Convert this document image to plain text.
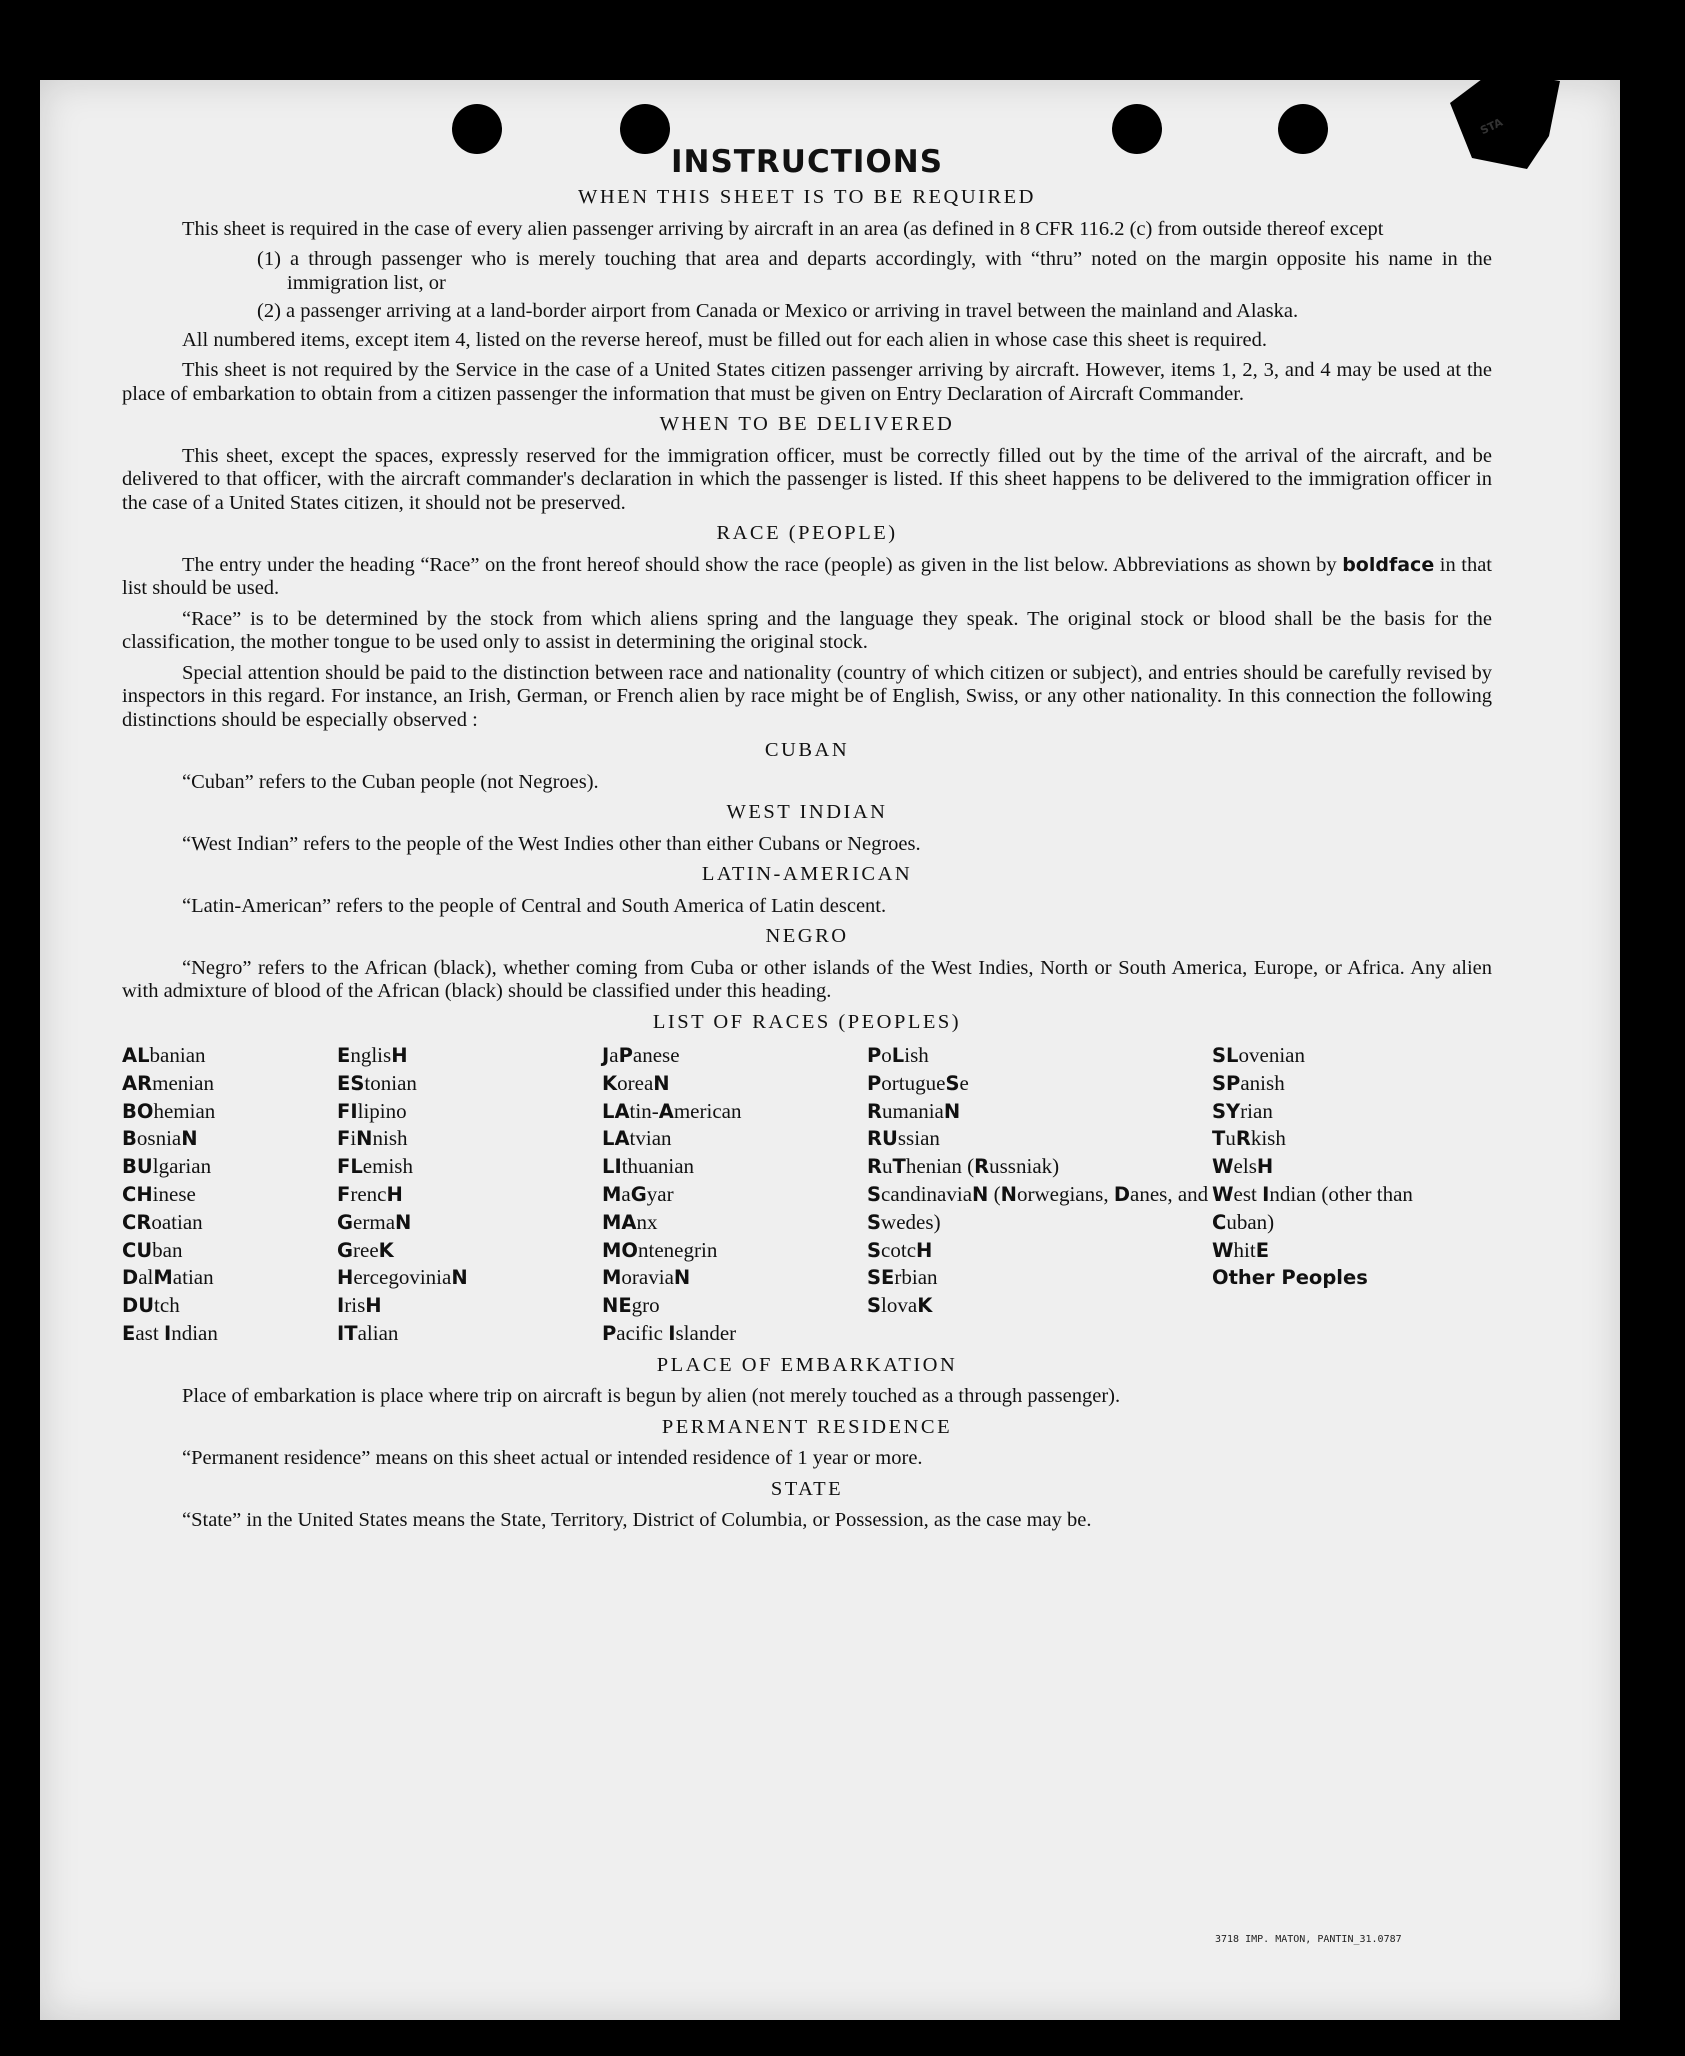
STA
INSTRUCTIONS
WHEN THIS SHEET IS TO BE REQUIRED

This sheet is required in the case of every alien passenger arriving by aircraft in an area (as defined in 8 CFR 116.2 (c) from outside thereof except

(1) a through passenger who is merely touching that area and departs accordingly, with “thru” noted on the margin opposite his name in the immigration list, or

(2) a passenger arriving at a land-border airport from Canada or Mexico or arriving in travel between the mainland and Alaska.

All numbered items, except item 4, listed on the reverse hereof, must be filled out for each alien in whose case this sheet is required.

This sheet is not required by the Service in the case of a United States citizen passenger arriving by aircraft. However, items 1, 2, 3, and 4 may be used at the place of embarkation to obtain from a citizen passenger the information that must be given on Entry Declaration of Aircraft Commander.

WHEN TO BE DELIVERED

This sheet, except the spaces, expressly reserved for the immigration officer, must be correctly filled out by the time of the arrival of the aircraft, and be delivered to that officer, with the aircraft commander's declaration in which the passenger is listed. If this sheet happens to be delivered to the immigration officer in the case of a United States citizen, it should not be preserved.

RACE (PEOPLE)

The entry under the heading “Race” on the front hereof should show the race (people) as given in the list below. Abbreviations as shown by boldface in that list should be used.

“Race” is to be determined by the stock from which aliens spring and the language they speak. The original stock or blood shall be the basis for the classification, the mother tongue to be used only to assist in determining the original stock.

Special attention should be paid to the distinction between race and nationality (country of which citizen or subject), and entries should be carefully revised by inspectors in this regard. For instance, an Irish, German, or French alien by race might be of English, Swiss, or any other nationality. In this connection the following distinctions should be especially observed :

CUBAN

“Cuban” refers to the Cuban people (not Negroes).

WEST INDIAN

“West Indian” refers to the people of the West Indies other than either Cubans or Negroes.

LATIN-AMERICAN

“Latin-American” refers to the people of Central and South America of Latin descent.

NEGRO

“Negro” refers to the African (black), whether coming from Cuba or other islands of the West Indies, North or South America, Europe, or Africa. Any alien with admixture of blood of the African (black) should be classified under this heading.

LIST OF RACES (PEOPLES)
ALbanian
ARmenian
BOhemian
BosniaN
BUlgarian
CHinese
CRoatian
CUban
DalMatian
DUtch
East Indian
EnglisH
EStonian
FIlipino
FiNnish
FLemish
FrencH
GermaN
GreeK
HercegoviniaN
IrisH
ITalian
JaPanese
KoreaN
LAtin-American
LAtvian
LIthuanian
MaGyar
MAnx
MOntenegrin
MoraviaN
NEgro
Pacific Islander
PoLish
PortugueSe
RumaniaN
RUssian
RuThenian (Russniak)
ScandinaviaN (Norwegians, Danes, and Swedes)
ScotcH
SErbian
SlovaK
SLovenian
SPanish
SYrian
TuRkish
WelsH
West Indian (other than Cuban)
WhitE
Other Peoples
PLACE OF EMBARKATION

Place of embarkation is place where trip on aircraft is begun by alien (not merely touched as a through passenger).

PERMANENT RESIDENCE

“Permanent residence” means on this sheet actual or intended residence of 1 year or more.

STATE

“State” in the United States means the State, Territory, District of Columbia, or Possession, as the case may be.

3718 IMP. MATON, PANTIN_31.0787
